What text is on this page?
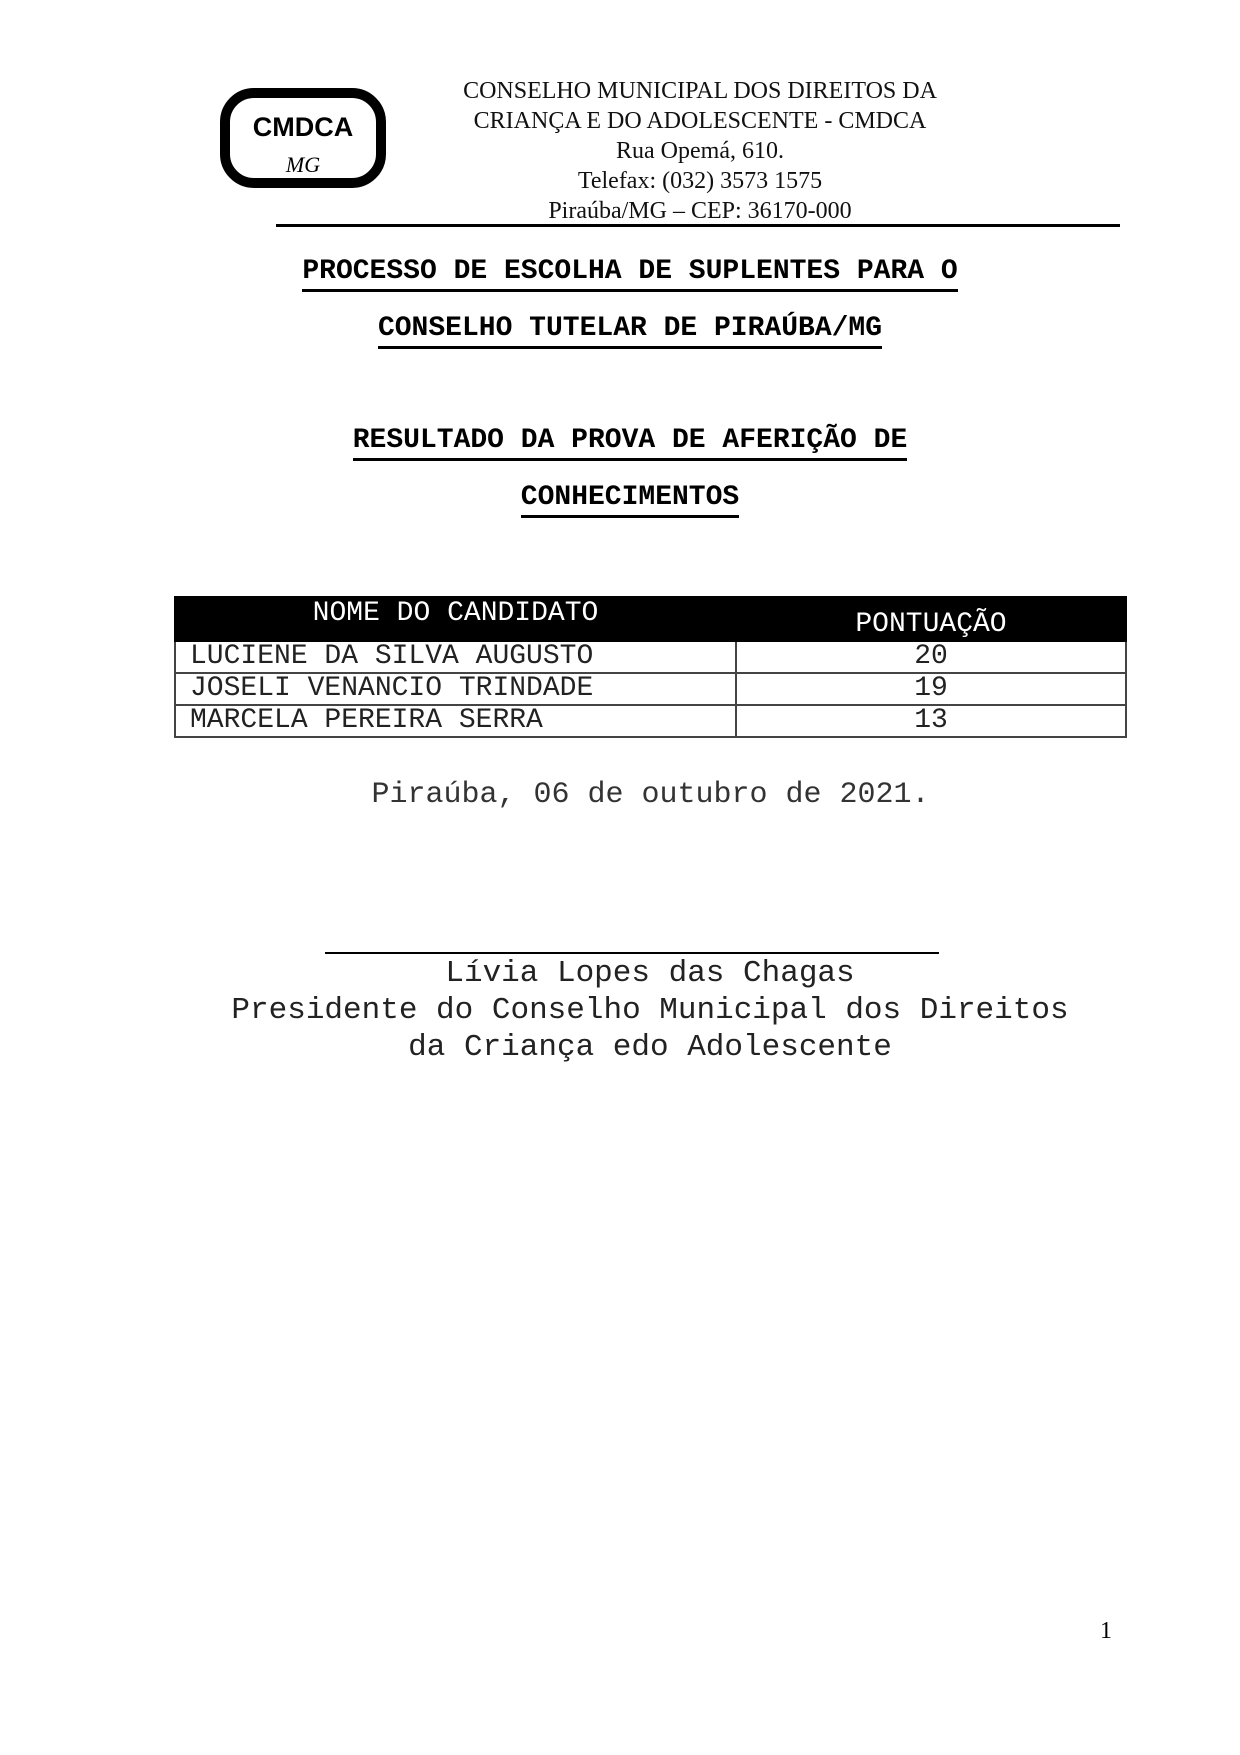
CMDCA
MG
CONSELHO MUNICIPAL DOS DIREITOS DA
CRIANÇA E DO ADOLESCENTE - CMDCA
Rua Opemá, 610.
Telefax: (032) 3573 1575
Piraúba/MG – CEP: 36170-000
PROCESSO DE ESCOLHA DE SUPLENTES PARA O
CONSELHO TUTELAR DE PIRAÚBA/MG
RESULTADO DA PROVA DE AFERIÇÃO DE
CONHECIMENTOS
NOME DO CANDIDATO	PONTUAÇÃO
LUCIENE DA SILVA AUGUSTO	20
JOSELI VENANCIO TRINDADE	19
MARCELA PEREIRA SERRA	13
Piraúba, 06 de outubro de 2021.
Lívia Lopes das Chagas
Presidente do Conselho Municipal dos Direitos
da Criança edo Adolescente
1
